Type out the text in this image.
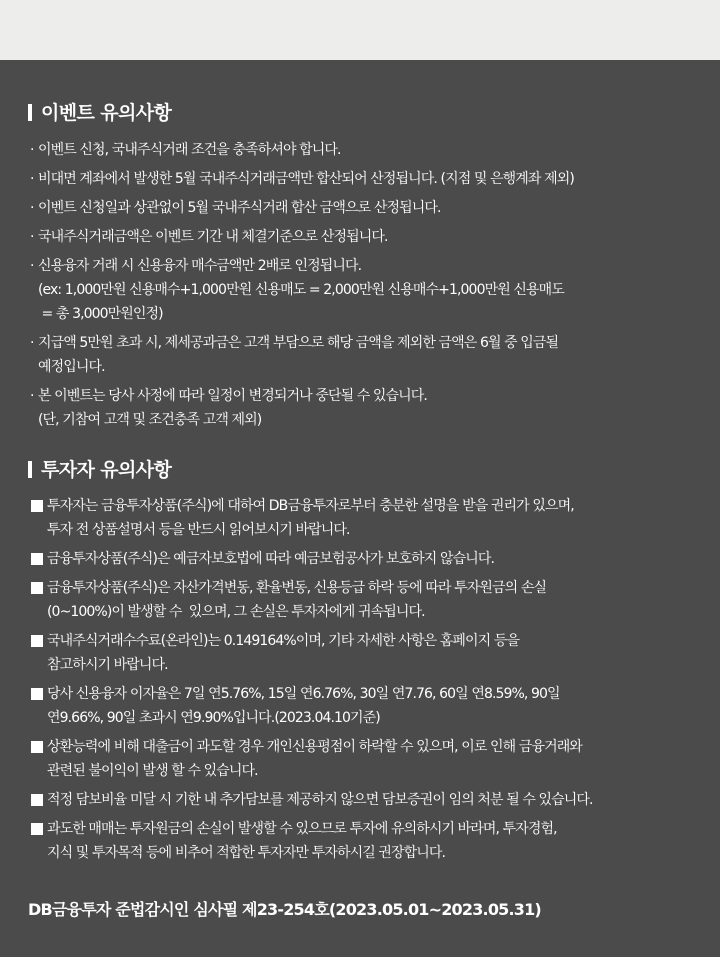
이벤트 유의사항
· 이벤트 신청, 국내주식거래 조건을 충족하셔야 합니다.
· 비대면 계좌에서 발생한 5월 국내주식거래금액만 합산되어 산정됩니다. (지점 및 은행계좌 제외)
· 이벤트 신청일과 상관없이 5월 국내주식거래 합산 금액으로 산정됩니다.
· 국내주식거래금액은 이벤트 기간 내 체결기준으로 산정됩니다.
· 신용융자 거래 시 신용융자 매수금액만 2배로 인정됩니다.
(ex: 1,000만원 신용매수+1,000만원 신용매도 = 2,000만원 신용매수+1,000만원 신용매도
= 총 3,000만원인정)
· 지급액 5만원 초과 시, 제세공과금은 고객 부담으로 해당 금액을 제외한 금액은 6월 중 입금될
예정입니다.
· 본 이벤트는 당사 사정에 따라 일정이 변경되거나 중단될 수 있습니다.
(단, 기참여 고객 및 조건충족 고객 제외)
투자자 유의사항
투자자는 금융투자상품(주식)에 대하여 DB금융투자로부터 충분한 설명을 받을 권리가 있으며,
투자 전 상품설명서 등을 반드시 읽어보시기 바랍니다.
금융투자상품(주식)은 예금자보호법에 따라 예금보험공사가 보호하지 않습니다.
금융투자상품(주식)은 자산가격변동, 환율변동, 신용등급 하락 등에 따라 투자원금의 손실
(0~100%)이 발생할 수  있으며, 그 손실은 투자자에게 귀속됩니다.
국내주식거래수수료(온라인)는 0.149164%이며, 기타 자세한 사항은 홈페이지 등을
참고하시기 바랍니다.
당사 신용융자 이자율은 7일 연5.76%, 15일 연6.76%, 30일 연7.76, 60일 연8.59%, 90일
연9.66%, 90일 초과시 연9.90%입니다.(2023.04.10기준)
상환능력에 비해 대출금이 과도할 경우 개인신용평점이 하락할 수 있으며, 이로 인해 금융거래와
관련된 불이익이 발생 할 수 있습니다.
적정 담보비율 미달 시 기한 내 추가담보를 제공하지 않으면 담보증권이 임의 처분 될 수 있습니다.
과도한 매매는 투자원금의 손실이 발생할 수 있으므로 투자에 유의하시기 바라며, 투자경험,
지식 및 투자목적 등에 비추어 적합한 투자자만 투자하시길 권장합니다.
DB금융투자 준법감시인 심사필 제23-254호(2023.05.01~2023.05.31)
